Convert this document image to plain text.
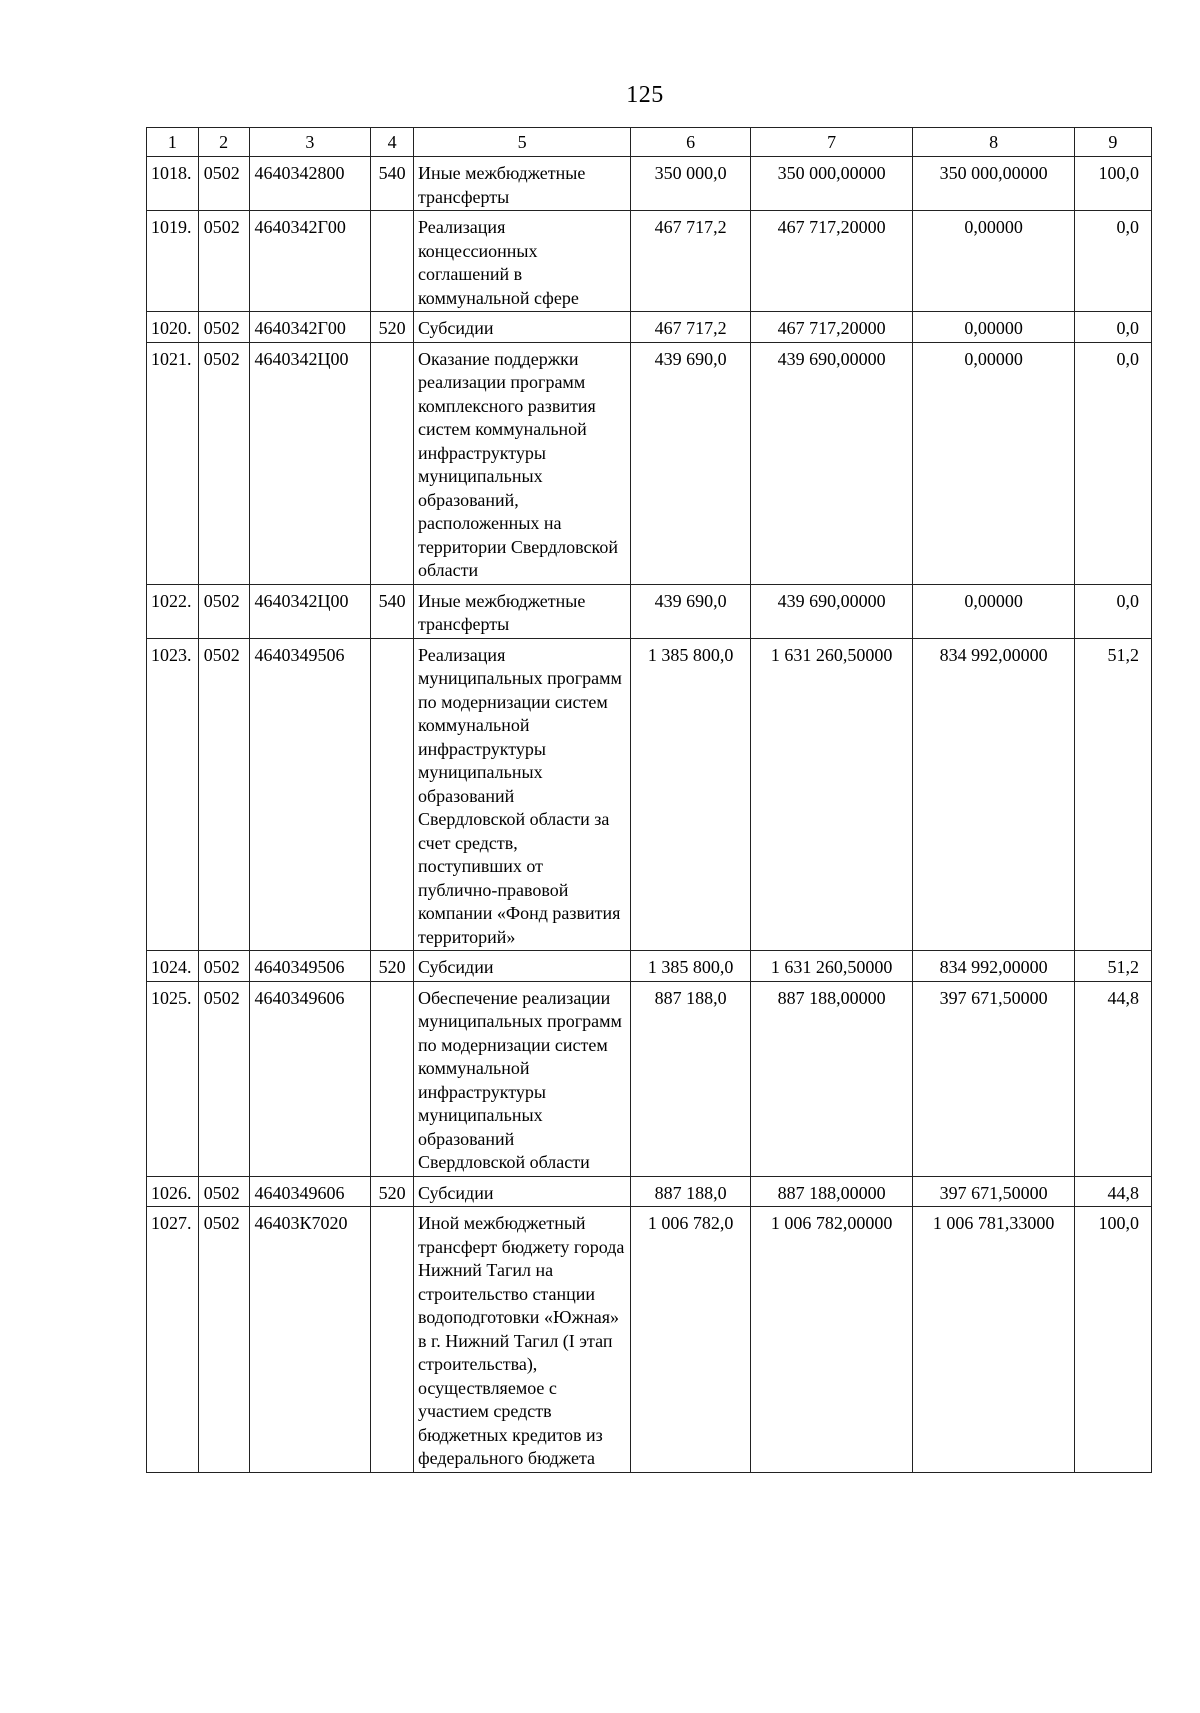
125
1	2	3	4	5	6	7	8	9
1018.	0502	4640342800	540	Иные межбюджетные трансферты	350 000,0	350 000,00000	350 000,00000	100,0
1019.	0502	4640342Г00		Реализация концессионных соглашений в коммунальной сфере	467 717,2	467 717,20000	0,00000	0,0
1020.	0502	4640342Г00	520	Субсидии	467 717,2	467 717,20000	0,00000	0,0
1021.	0502	4640342Ц00		Оказание поддержки реализации программ комплексного развития систем коммунальной инфраструктуры муниципальных образований, расположенных на территории Свердловской области	439 690,0	439 690,00000	0,00000	0,0
1022.	0502	4640342Ц00	540	Иные межбюджетные трансферты	439 690,0	439 690,00000	0,00000	0,0
1023.	0502	4640349506		Реализация муниципальных программ по модернизации систем коммунальной инфраструктуры муниципальных образований Свердловской области за счет средств, поступивших от публично-правовой компании «Фонд развития территорий»	1 385 800,0	1 631 260,50000	834 992,00000	51,2
1024.	0502	4640349506	520	Субсидии	1 385 800,0	1 631 260,50000	834 992,00000	51,2
1025.	0502	4640349606		Обеспечение реализации муниципальных программ по модернизации систем коммунальной инфраструктуры муниципальных образований Свердловской области	887 188,0	887 188,00000	397 671,50000	44,8
1026.	0502	4640349606	520	Субсидии	887 188,0	887 188,00000	397 671,50000	44,8
1027.	0502	46403К7020		Иной межбюджетный трансферт бюджету города Нижний Тагил на строительство станции водоподготовки «Южная» в г. Нижний Тагил (I этап строительства), осуществляемое с участием средств бюджетных кредитов из федерального бюджета	1 006 782,0	1 006 782,00000	1 006 781,33000	100,0
